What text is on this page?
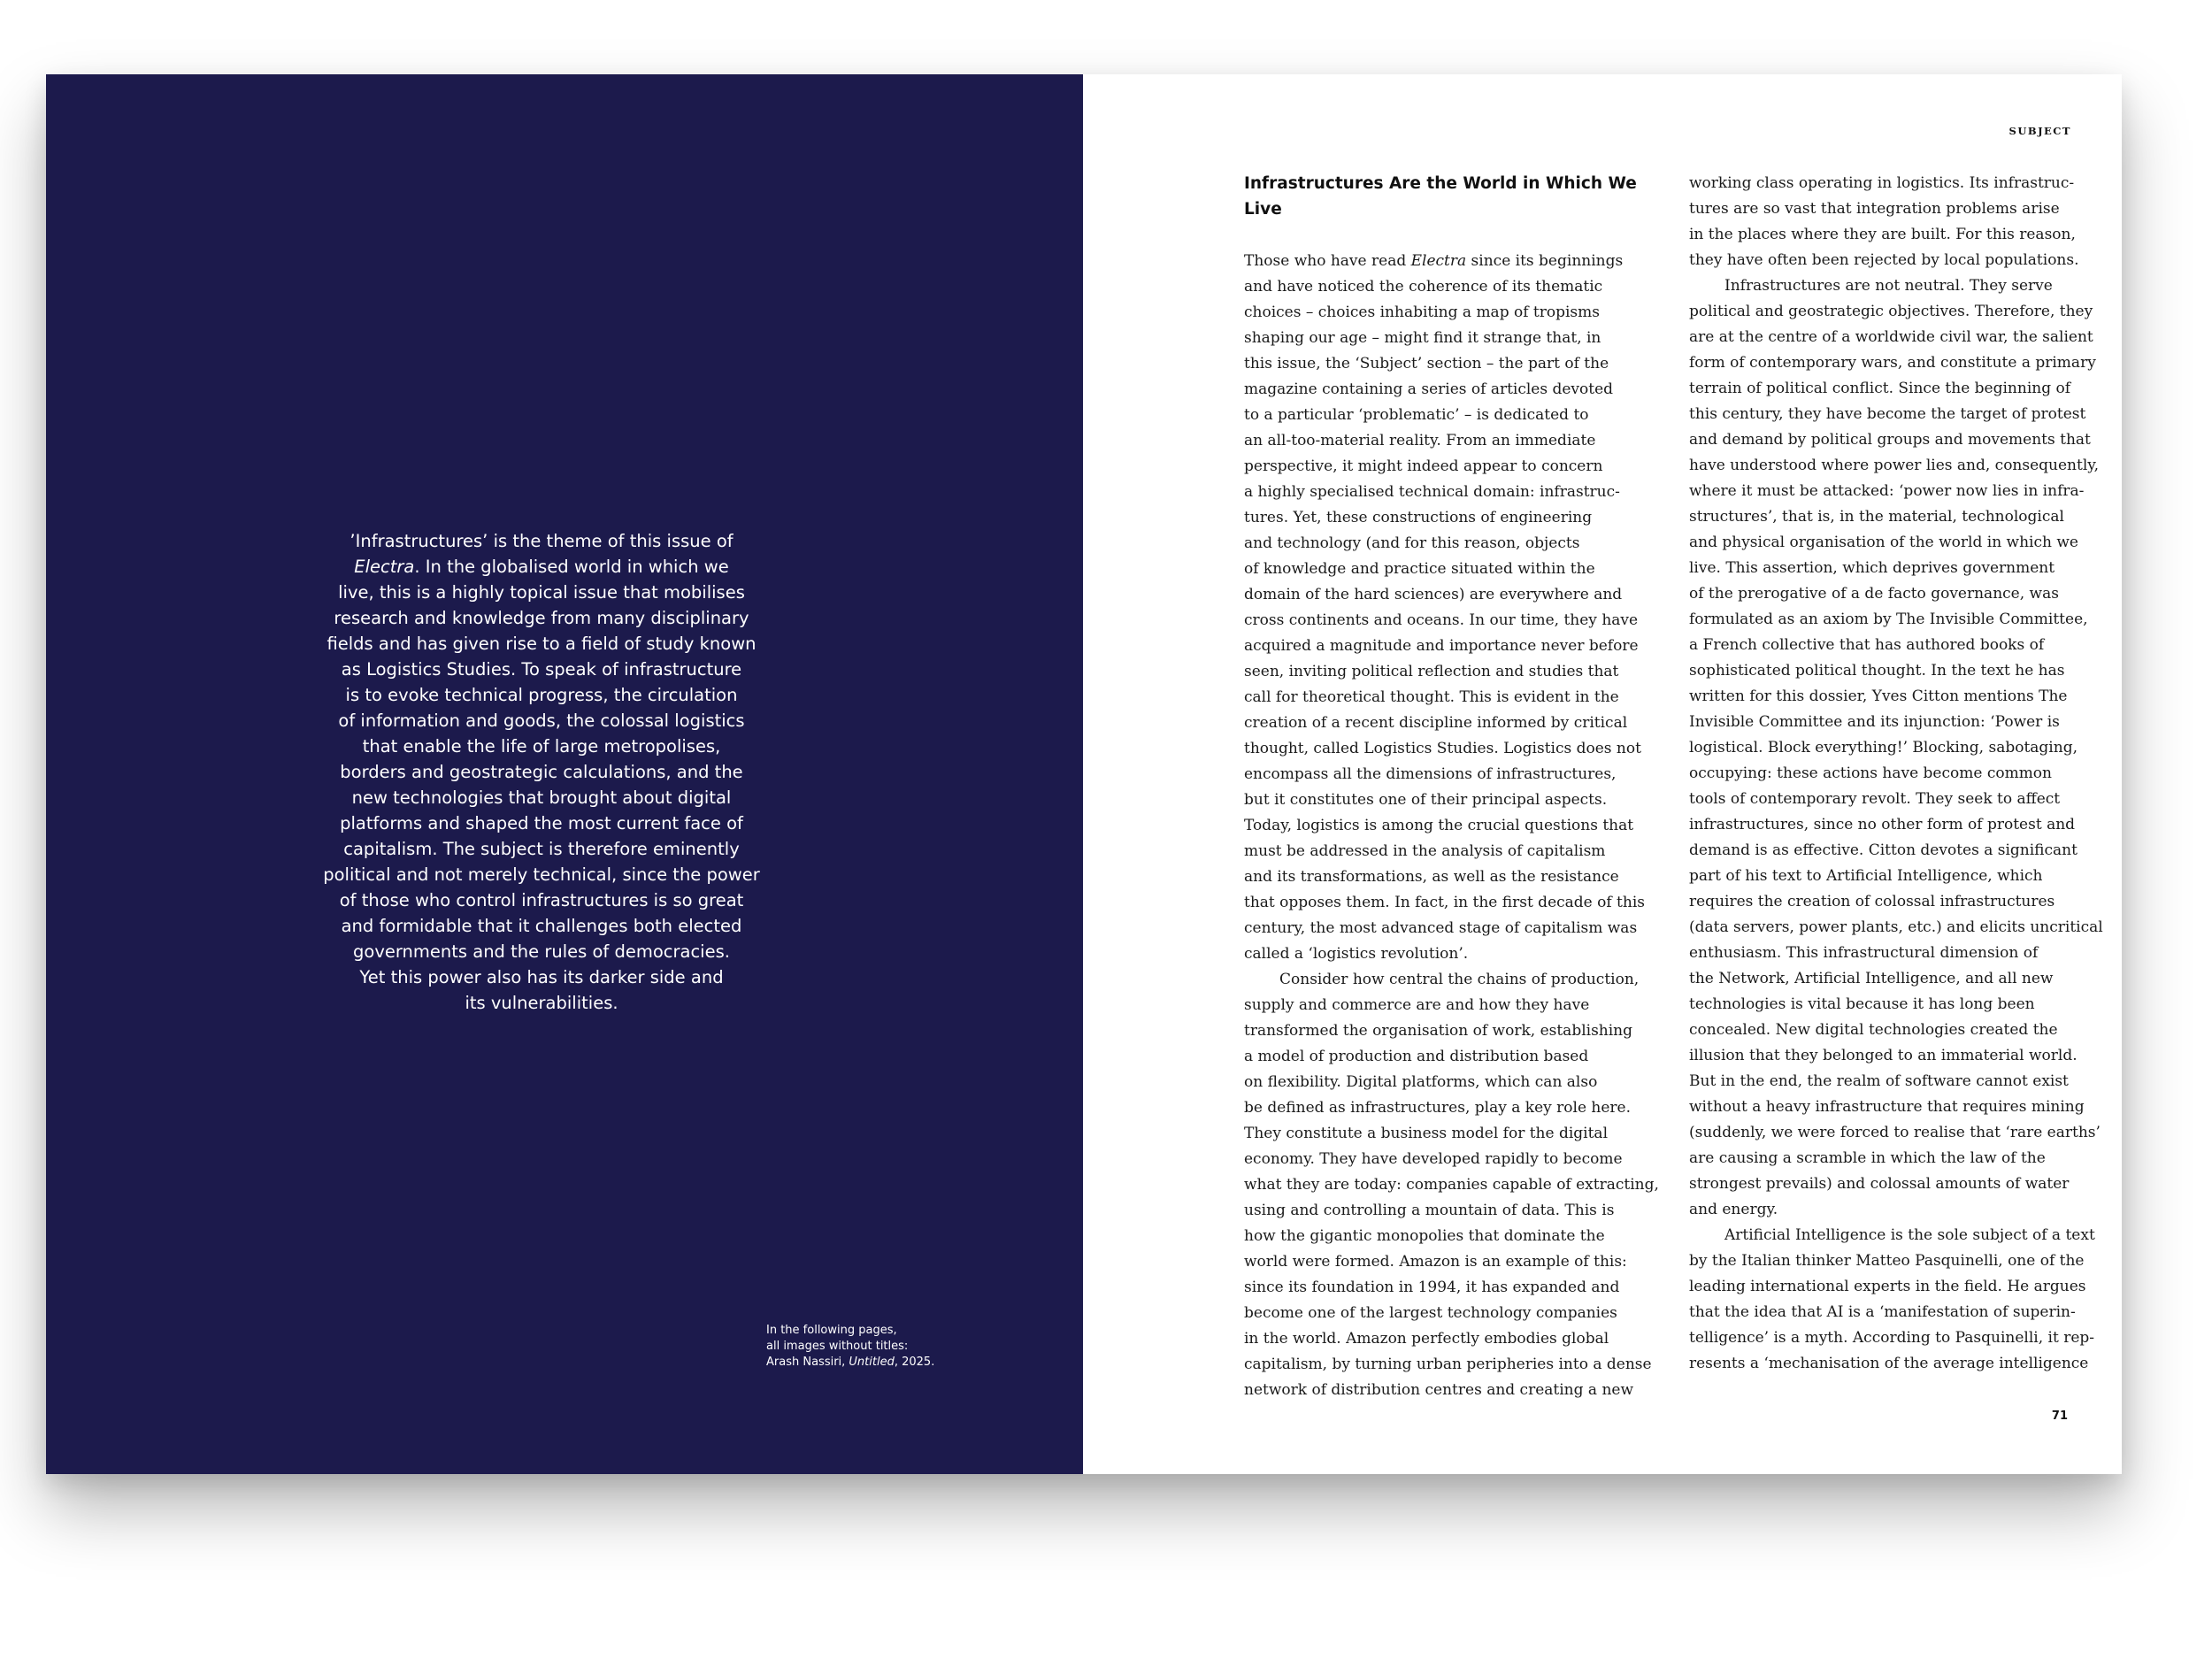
’Infrastructures’ is the theme of this issue of
Electra. In the globalised world in which we
live, this is a highly topical issue that mobilises
research and knowledge from many disciplinary
fields and has given rise to a field of study known
as Logistics Studies. To speak of infrastructure
is to evoke technical progress, the circulation
of information and goods, the colossal logistics
that enable the life of large metropolises,
borders and geostrategic calculations, and the
new technologies that brought about digital
platforms and shaped the most current face of
capitalism. The subject is therefore eminently
political and not merely technical, since the power
of those who control infrastructures is so great
and formidable that it challenges both elected
governments and the rules of democracies.
Yet this power also has its darker side and
its vulnerabilities.

In the following pages,
all images without titles:
Arash Nassiri, Untitled, 2025.

SUBJECT
Infrastructures Are the World in Which We Live
Those who have read Electra since its beginnings
and have noticed the coherence of its thematic
choices – choices inhabiting a map of tropisms
shaping our age – might find it strange that, in
this issue, the ‘Subject’ section – the part of the
magazine containing a series of articles devoted
to a particular ‘problematic’ – is dedicated to
an all-too-material reality. From an immediate
perspective, it might indeed appear to concern
a highly specialised technical domain: infrastruc-
tures. Yet, these constructions of engineering
and technology (and for this reason, objects
of knowledge and practice situated within the
domain of the hard sciences) are everywhere and
cross continents and oceans. In our time, they have
acquired a magnitude and importance never before
seen, inviting political reflection and studies that
call for theoretical thought. This is evident in the
creation of a recent discipline informed by critical
thought, called Logistics Studies. Logistics does not
encompass all the dimensions of infrastructures,
but it constitutes one of their principal aspects.
Today, logistics is among the crucial questions that
must be addressed in the analysis of capitalism
and its transformations, as well as the resistance
that opposes them. In fact, in the first decade of this
century, the most advanced stage of capitalism was
called a ‘logistics revolution’.
Consider how central the chains of production,
supply and commerce are and how they have
transformed the organisation of work, establishing
a model of production and distribution based
on flexibility. Digital platforms, which can also
be defined as infrastructures, play a key role here.
They constitute a business model for the digital
economy. They have developed rapidly to become
what they are today: companies capable of extracting,
using and controlling a mountain of data. This is
how the gigantic monopolies that dominate the
world were formed. Amazon is an example of this:
since its foundation in 1994, it has expanded and
become one of the largest technology companies
in the world. Amazon perfectly embodies global
capitalism, by turning urban peripheries into a dense
network of distribution centres and creating a new
working class operating in logistics. Its infrastruc-
tures are so vast that integration problems arise
in the places where they are built. For this reason,
they have often been rejected by local populations.
Infrastructures are not neutral. They serve
political and geostrategic objectives. Therefore, they
are at the centre of a worldwide civil war, the salient
form of contemporary wars, and constitute a primary
terrain of political conflict. Since the beginning of
this century, they have become the target of protest
and demand by political groups and movements that
have understood where power lies and, consequently,
where it must be attacked: ‘power now lies in infra-
structures’, that is, in the material, technological
and physical organisation of the world in which we
live. This assertion, which deprives government
of the prerogative of a de facto governance, was
formulated as an axiom by The Invisible Committee,
a French collective that has authored books of
sophisticated political thought. In the text he has
written for this dossier, Yves Citton mentions The
Invisible Committee and its injunction: ‘Power is
logistical. Block everything!’ Blocking, sabotaging,
occupying: these actions have become common
tools of contemporary revolt. They seek to affect
infrastructures, since no other form of protest and
demand is as effective. Citton devotes a significant
part of his text to Artificial Intelligence, which
requires the creation of colossal infrastructures
(data servers, power plants, etc.) and elicits uncritical
enthusiasm. This infrastructural dimension of
the Network, Artificial Intelligence, and all new
technologies is vital because it has long been
concealed. New digital technologies created the
illusion that they belonged to an immaterial world.
But in the end, the realm of software cannot exist
without a heavy infrastructure that requires mining
(suddenly, we were forced to realise that ‘rare earths’
are causing a scramble in which the law of the
strongest prevails) and colossal amounts of water
and energy.
Artificial Intelligence is the sole subject of a text
by the Italian thinker Matteo Pasquinelli, one of the
leading international experts in the field. He argues
that the idea that AI is a ‘manifestation of superin-
telligence’ is a myth. According to Pasquinelli, it rep-
resents a ‘mechanisation of the average intelligence
71
